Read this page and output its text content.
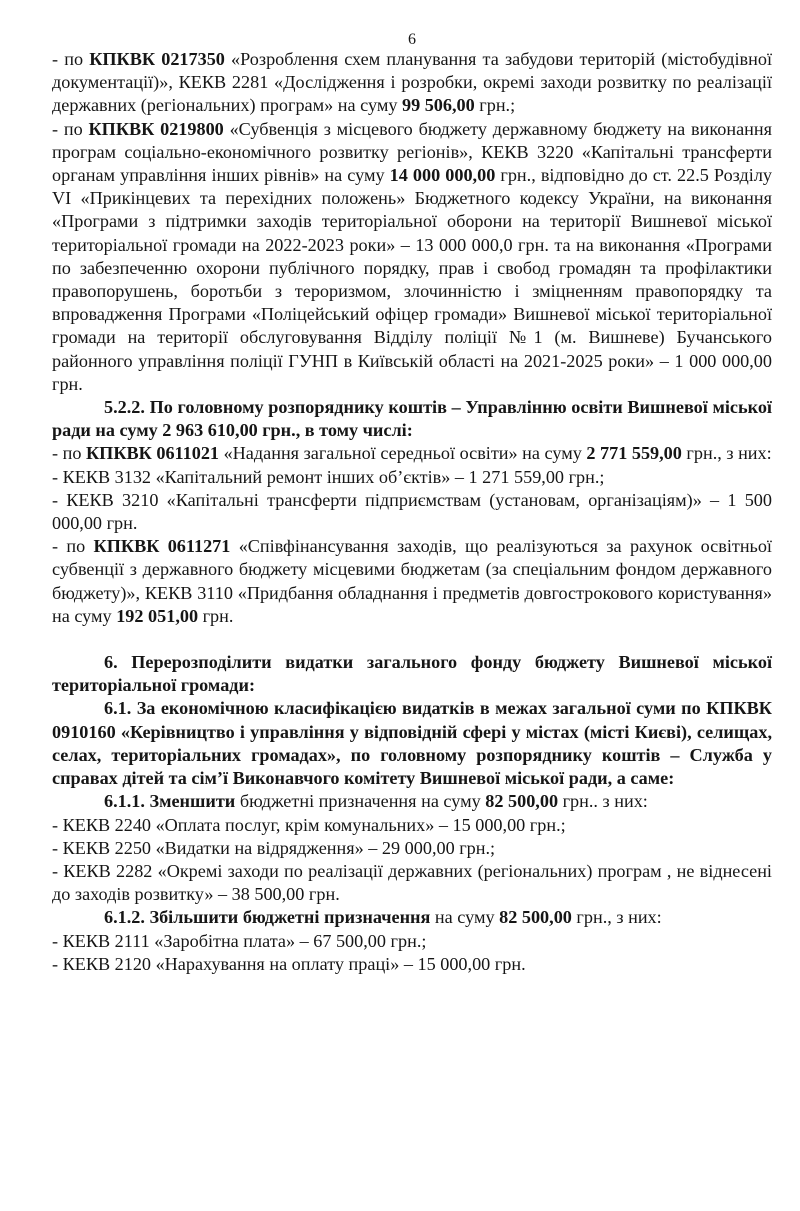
6

- по КПКВК 0217350 «Розроблення схем планування та забудови територій (містобудівної документації)», КЕКВ 2281 «Дослідження і розробки, окремі заходи розвитку по реалізації державних (регіональних) програм» на суму 99 506,00 грн.;

- по КПКВК 0219800 «Субвенція з місцевого бюджету державному бюджету на виконання програм соціально-економічного розвитку регіонів», КЕКВ 3220 «Капітальні трансферти органам управління інших рівнів» на суму 14 000 000,00 грн., відповідно до ст. 22.5 Розділу VI «Прикінцевих та перехідних положень» Бюджетного кодексу України, на виконання «Програми з підтримки заходів територіальної оборони на території Вишневої міської територіальної громади на 2022-2023 роки» – 13 000 000,0 грн. та на виконання «Програми по забезпеченню охорони публічного порядку, прав і свобод громадян та профілактики правопорушень, боротьби з тероризмом, злочинністю і зміцненням правопорядку та впровадження Програми «Поліцейський офіцер громади» Вишневої міської територіальної громади на території обслуговування Відділу поліції №1 (м. Вишневе) Бучанського районного управління поліції ГУНП в Київській області на 2021-2025 роки» – 1 000 000,00 грн.

5.2.2. По головному розпоряднику коштів – Управлінню освіти Вишневої міської ради на суму 2 963 610,00 грн., в тому числі:

- по КПКВК 0611021 «Надання загальної середньої освіти» на суму 2 771 559,00 грн., з них:

- КЕКВ 3132 «Капітальний ремонт інших об’єктів» – 1 271 559,00 грн.;

- КЕКВ 3210 «Капітальні трансферти підприємствам (установам, організаціям)» – 1 500 000,00 грн.

- по КПКВК 0611271 «Співфінансування заходів, що реалізуються за рахунок освітньої субвенції з державного бюджету місцевими бюджетам (за спеціальним фондом державного бюджету)», КЕКВ 3110 «Придбання обладнання і предметів довгострокового користування» на суму 192 051,00 грн.

6. Перерозподілити видатки загального фонду бюджету Вишневої міської територіальної громади:

6.1. За економічною класифікацією видатків в межах загальної суми по КПКВК 0910160 «Керівництво і управління у відповідній сфері у містах (місті Києві), селищах, селах, територіальних громадах», по головному розпоряднику коштів – Служба у справах дітей та сім’ї Виконавчого комітету Вишневої міської ради, а саме:

6.1.1. Зменшити бюджетні призначення на суму 82 500,00 грн.. з них:

- КЕКВ 2240 «Оплата послуг, крім комунальних» – 15 000,00 грн.;

- КЕКВ 2250 «Видатки на відрядження» – 29 000,00 грн.;

- КЕКВ 2282 «Окремі заходи по реалізації державних (регіональних) програм , не віднесені до заходів розвитку» – 38 500,00 грн.

6.1.2. Збільшити бюджетні призначення на суму 82 500,00 грн., з них:

- КЕКВ 2111 «Заробітна плата» – 67 500,00 грн.;

- КЕКВ 2120 «Нарахування на оплату праці» – 15 000,00 грн.
